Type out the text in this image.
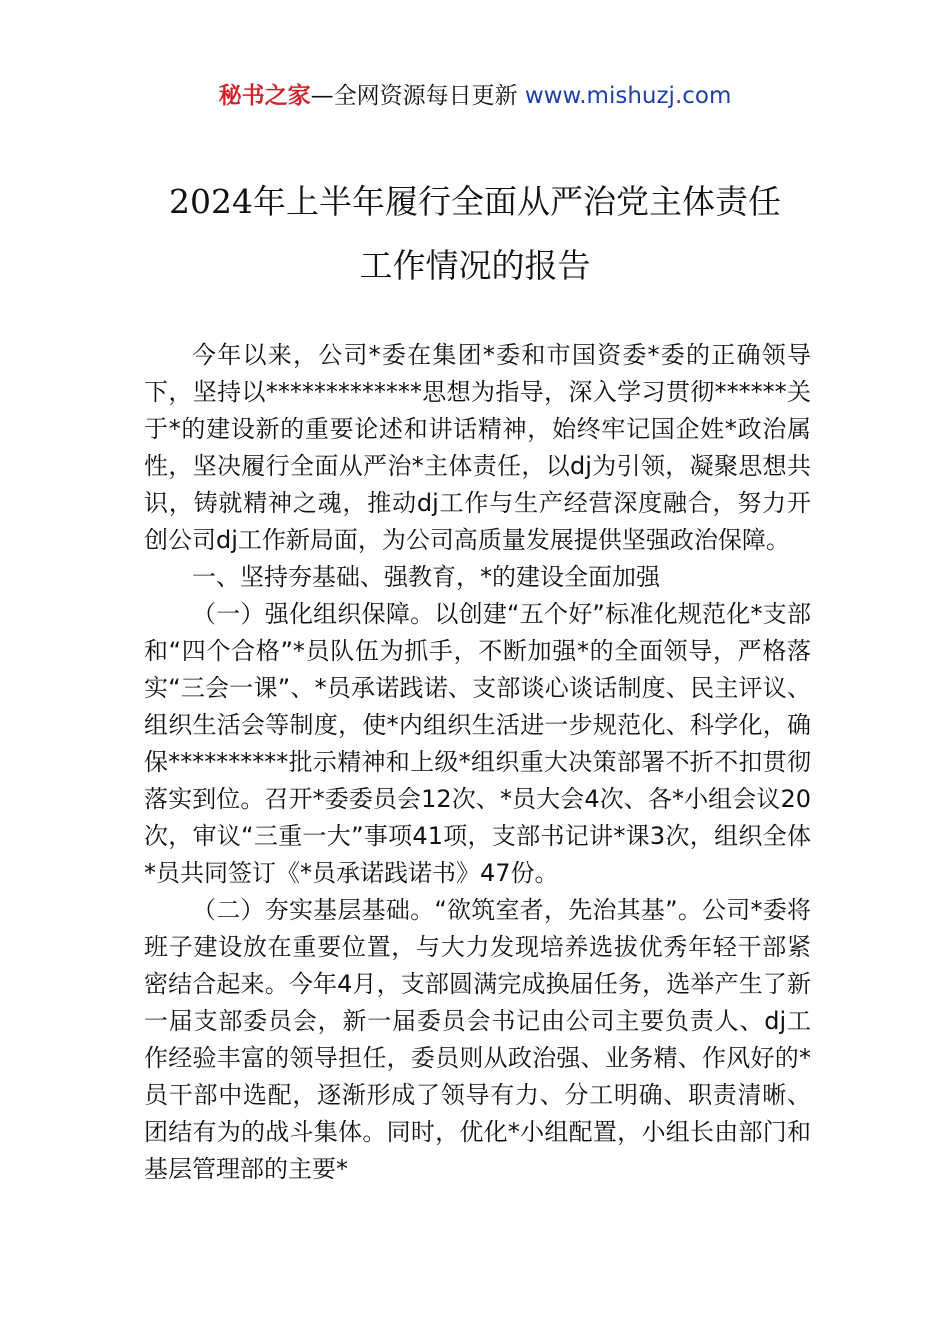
秘书之家—全网资源每日更新 www.mishuzj.com
2024年上半年履行全面从严治党主体责任
工作情况的报告

今年以来，公司*委在集团*委和市国资委*委的正确领导下，坚持以*************思想为指导，深入学习贯彻******关于*的建设新的重要论述和讲话精神，始终牢记国企姓*政治属性，坚决履行全面从严治*主体责任，以dj为引领，凝聚思想共识，铸就精神之魂，推动dj工作与生产经营深度融合，努力开创公司dj工作新局面，为公司高质量发展提供坚强政治保障。

一、坚持夯基础、强教育，*的建设全面加强

（一）强化组织保障。以创建“五个好”标准化规范化*支部和“四个合格”*员队伍为抓手，不断加强*的全面领导，严格落实“三会一课”、*员承诺践诺、支部谈心谈话制度、民主评议、组织生活会等制度，使*内组织生活进一步规范化、科学化，确保**********批示精神和上级*组织重大决策部署不折不扣贯彻落实到位。召开*委委员会12次、*员大会4次、各*小组会议20次，审议“三重一大”事项41项，支部书记讲*课3次，组织全体*员共同签订《*员承诺践诺书》47份。

（二）夯实基层基础。“欲筑室者，先治其基”。公司*委将班子建设放在重要位置，与大力发现培养选拔优秀年轻干部紧密结合起来。今年4月，支部圆满完成换届任务，选举产生了新一届支部委员会，新一届委员会书记由公司主要负责人、dj工作经验丰富的领导担任，委员则从政治强、业务精、作风好的*员干部中选配，逐渐形成了领导有力、分工明确、职责清晰、团结有为的战斗集体。同时，优化*小组配置，小组长由部门和基层管理部的主要*
